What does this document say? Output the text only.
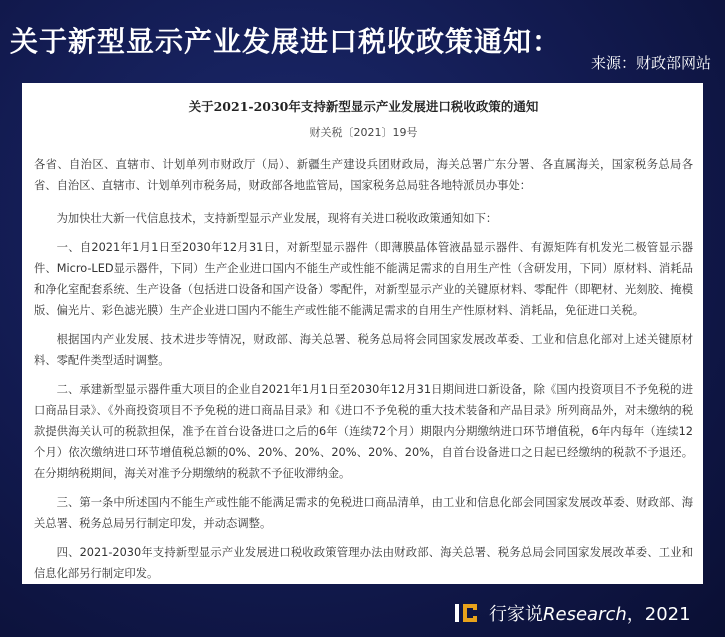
关于新型显示产业发展进口税收政策通知：
来源：财政部网站
关于2021-2030年支持新型显示产业发展进口税收政策的通知
财关税〔2021〕19号

各省、自治区、直辖市、计划单列市财政厅（局）、新疆生产建设兵团财政局，海关总署广东分署、各直属海关，国家税务总局各省、自治区、直辖市、计划单列市税务局，财政部各地监管局，国家税务总局驻各地特派员办事处：

为加快壮大新一代信息技术，支持新型显示产业发展，现将有关进口税收政策通知如下：

一、自2021年1月1日至2030年12月31日，对新型显示器件（即薄膜晶体管液晶显示器件、有源矩阵有机发光二极管显示器件、Micro-LED显示器件，下同）生产企业进口国内不能生产或性能不能满足需求的自用生产性（含研发用，下同）原材料、消耗品和净化室配套系统、生产设备（包括进口设备和国产设备）零配件，对新型显示产业的关键原材料、零配件（即靶材、光刻胶、掩模版、偏光片、彩色滤光膜）生产企业进口国内不能生产或性能不能满足需求的自用生产性原材料、消耗品，免征进口关税。

根据国内产业发展、技术进步等情况，财政部、海关总署、税务总局将会同国家发展改革委、工业和信息化部对上述关键原材料、零配件类型适时调整。

二、承建新型显示器件重大项目的企业自2021年1月1日至2030年12月31日期间进口新设备，除《国内投资项目不予免税的进口商品目录》、《外商投资项目不予免税的进口商品目录》和《进口不予免税的重大技术装备和产品目录》所列商品外，对未缴纳的税款提供海关认可的税款担保，准予在首台设备进口之后的6年（连续72个月）期限内分期缴纳进口环节增值税，6年内每年（连续12个月）依次缴纳进口环节增值税总额的0%、20%、20%、20%、20%、20%，自首台设备进口之日起已经缴纳的税款不予退还。在分期纳税期间，海关对准予分期缴纳的税款不予征收滞纳金。

三、第一条中所述国内不能生产或性能不能满足需求的免税进口商品清单，由工业和信息化部会同国家发展改革委、财政部、海关总署、税务总局另行制定印发，并动态调整。

四、2021-2030年支持新型显示产业发展进口税收政策管理办法由财政部、海关总署、税务总局会同国家发展改革委、工业和信息化部另行制定印发。

行家说Research，2021
